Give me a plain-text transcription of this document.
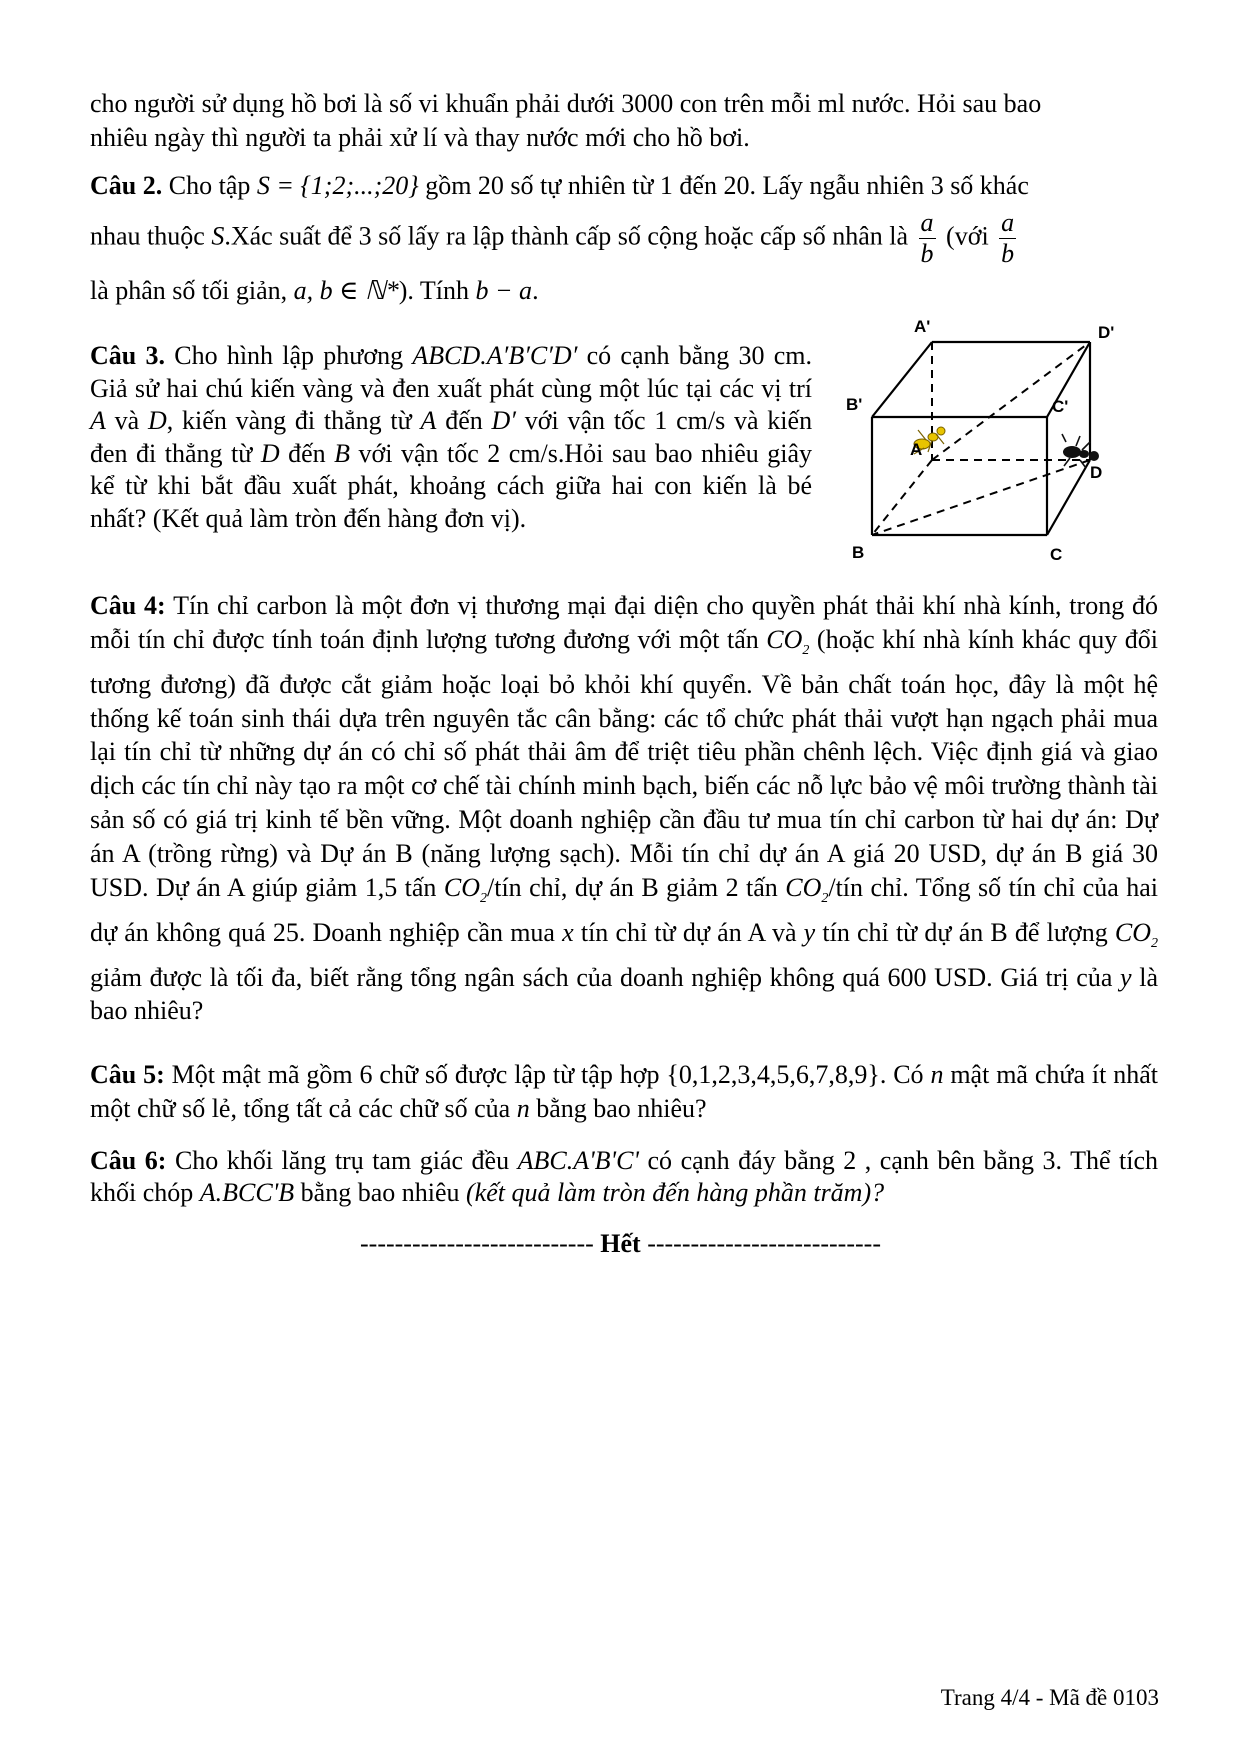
cho người sử dụng hồ bơi là số vi khuẩn phải dưới 3000 con trên mỗi ml nước. Hỏi sau bao

nhiêu ngày thì người ta phải xử lí và thay nước mới cho hồ bơi.

Câu 2. Cho tập S = {1;2;...;20} gồm 20 số tự nhiên từ 1 đến 20. Lấy ngẫu nhiên 3 số khác

nhau thuộc S.Xác suất để 3 số lấy ra lập thành cấp số cộng hoặc cấp số nhân là $\frac{a}{b}$ (với $\frac{a}{b}$

là phân số tối giản, a, b ∈ ℕ*). Tính b − a.

Câu 3. Cho hình lập phương ABCD.A′B′C′D′ có cạnh bằng 30 cm. Giả sử hai chú kiến vàng và đen xuất phát cùng một lúc tại các vị trí A và D, kiến vàng đi thẳng từ A đến D′ với vận tốc 1 cm/s và kiến đen đi thẳng từ D đến B với vận tốc 2 cm/s.Hỏi sau bao nhiêu giây kể từ khi bắt đầu xuất phát, khoảng cách giữa hai con kiến là bé nhất? (Kết quả làm tròn đến hàng đơn vị).

A'	D'
B'	C'
A
D
B	C

Câu 4: Tín chỉ carbon là một đơn vị thương mại đại diện cho quyền phát thải khí nhà kính, trong đó mỗi tín chỉ được tính toán định lượng tương đương với một tấn $CO_2$ (hoặc khí nhà kính khác quy đổi tương đương) đã được cắt giảm hoặc loại bỏ khỏi khí quyển. Về bản chất toán học, đây là một hệ thống kế toán sinh thái dựa trên nguyên tắc cân bằng: các tổ chức phát thải vượt hạn ngạch phải mua lại tín chỉ từ những dự án có chỉ số phát thải âm để triệt tiêu phần chênh lệch. Việc định giá và giao dịch các tín chỉ này tạo ra một cơ chế tài chính minh bạch, biến các nỗ lực bảo vệ môi trường thành tài sản số có giá trị kinh tế bền vững. Một doanh nghiệp cần đầu tư mua tín chỉ carbon từ hai dự án: Dự án A (trồng rừng) và Dự án B (năng lượng sạch). Mỗi tín chỉ dự án A giá 20 USD, dự án B giá 30 USD. Dự án A giúp giảm 1,5 tấn $CO_2$/tín chỉ, dự án B giảm 2 tấn $CO_2$/tín chỉ. Tổng số tín chỉ của hai dự án không quá 25. Doanh nghiệp cần mua x tín chỉ từ dự án A và y tín chỉ từ dự án B để lượng $CO_2$ giảm được là tối đa, biết rằng tổng ngân sách của doanh nghiệp không quá 600 USD. Giá trị của y là bao nhiêu?

Câu 5: Một mật mã gồm 6 chữ số được lập từ tập hợp {0,1,2,3,4,5,6,7,8,9}. Có n mật mã chứa ít nhất một chữ số lẻ, tổng tất cả các chữ số của n bằng bao nhiêu?

Câu 6: Cho khối lăng trụ tam giác đều ABC.A'B'C' có cạnh đáy bằng 2 , cạnh bên bằng 3. Thể tích khối chóp A.BCC'B bằng bao nhiêu (kết quả làm tròn đến hàng phần trăm)?

--------------------------- Hết ---------------------------
Trang 4/4 - Mã đề 0103
